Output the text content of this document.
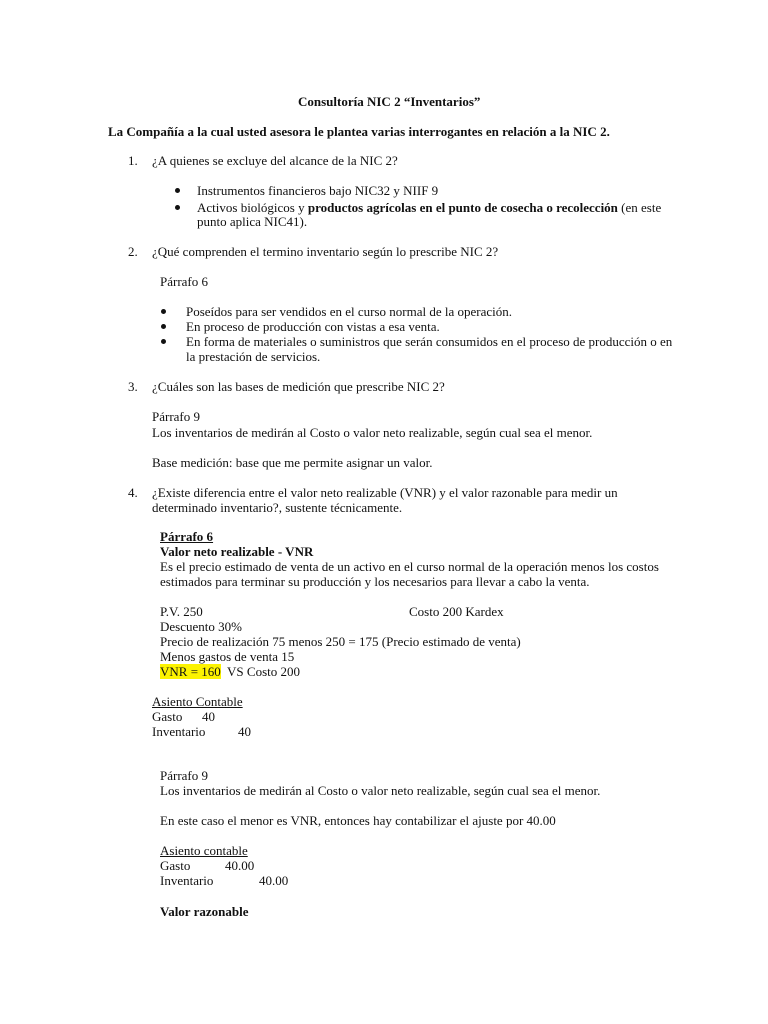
Consultoría NIC 2 “Inventarios”
La Compañía a la cual usted asesora le plantea varias interrogantes en relación a la NIC 2.
1. ¿A quienes se excluye del alcance de la NIC 2?
Instrumentos financieros bajo NIC32 y NIIF 9
Activos biológicos y productos agrícolas en el punto de cosecha o recolección (en este
punto aplica NIC41).
2. ¿Qué comprenden el termino inventario según lo prescribe NIC 2?
Párrafo 6
Poseídos para ser vendidos en el curso normal de la operación.
En proceso de producción con vistas a esa venta.
En forma de materiales o suministros que serán consumidos en el proceso de producción o en
la prestación de servicios.
3. ¿Cuáles son las bases de medición que prescribe NIC 2?
Párrafo 9
Los inventarios de medirán al Costo o valor neto realizable, según cual sea el menor.
Base medición: base que me permite asignar un valor.
4. ¿Existe diferencia entre el valor neto realizable (VNR) y el valor razonable para medir un
determinado inventario?, sustente técnicamente.
Párrafo 6
Valor neto realizable - VNR
Es el precio estimado de venta de un activo en el curso normal de la operación menos los costos
estimados para terminar su producción y los necesarios para llevar a cabo la venta.
P.V. 250	Costo 200 Kardex
Descuento 30%
Precio de realización 75 menos 250 = 175 (Precio estimado de venta)
Menos gastos de venta 15
VNR = 160  VS Costo 200
Asiento Contable
Gasto 40
Inventario	40
Párrafo 9
Los inventarios de medirán al Costo o valor neto realizable, según cual sea el menor.
En este caso el menor es VNR, entonces hay contabilizar el ajuste por 40.00
Asiento contable
Gasto	40.00
Inventario	40.00
Valor razonable
